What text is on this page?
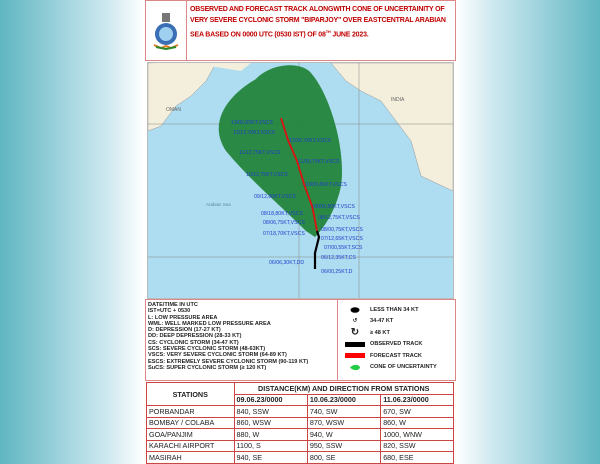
OBSERVED AND FORECAST TRACK ALONGWITH CONE OF UNCERTAINITY OF VERY SEVERE CYCLONIC STORM "BIPARJOY" OVER EASTCENTRAL ARABIAN SEA BASED ON 0000 UTC (0530 IST) OF 08TH JUNE 2023.
OMAN
INDIA
Arabian Sea
13/00,65KT,VSCS
12/12,70KT,VSCS
12/00,70KT,VSCS
11/12,75KT,VSCS
11/00,75KT,VSCS
10/12,75KT,VSCS
10/00,80KT,VSCS
09/12,80KT,VSCS
09/00,80KT,VSCS
08/18,80KT,VSCS
08/12,75KT,VSCS
08/06,75KT,VSCS
08/00,75KT,VSCS
07/18,70KT,VSCS
07/12,65KT,VSCS
07/00,55KT,SCS
06/12,35KT,CS
06/06,30KT,DD
06/00,25KT,D
DATE/TIME IN UTC
IST=UTC + 0530
L: LOW PRESSURE AREA
WML: WELL MARKED LOW PRESSURE AREA
D: DEPRESSION (17-27 KT)
DD: DEEP DEPRESSION (28-33 KT)
CS: CYCLONIC STORM (34-47 KT)
SCS: SEVERE CYCLONIC STORM (48-63KT)
VSCS: VERY SEVERE CYCLONIC STORM (64-89 KT)
ESCS: EXTREMELY SEVERE CYCLONIC STORM (90-119 KT)
SuCS: SUPER CYCLONIC STORM (≥ 120 KT)
LESS THAN 34 KT
↺	34-47 KT
↻	≥ 48 KT
OBSERVED TRACK
FORECAST TRACK
CONE OF UNCERTAINTY
STATIONS	DISTANCE(KM) AND DIRECTION FROM STATIONS		
	09.06.23/0000	10.06.23/0000	11.06.23/0000
PORBANDAR	840, SSW	740, SW	670, SW
BOMBAY / COLABA	860, WSW	870, WSW	860, W
GOA/PANJIM	880, W	940, W	1000, WNW
KARACHI AIRPORT	1100, S	950, SSW	820, SSW
MASIRAH	940, SE	800, SE	680, ESE
